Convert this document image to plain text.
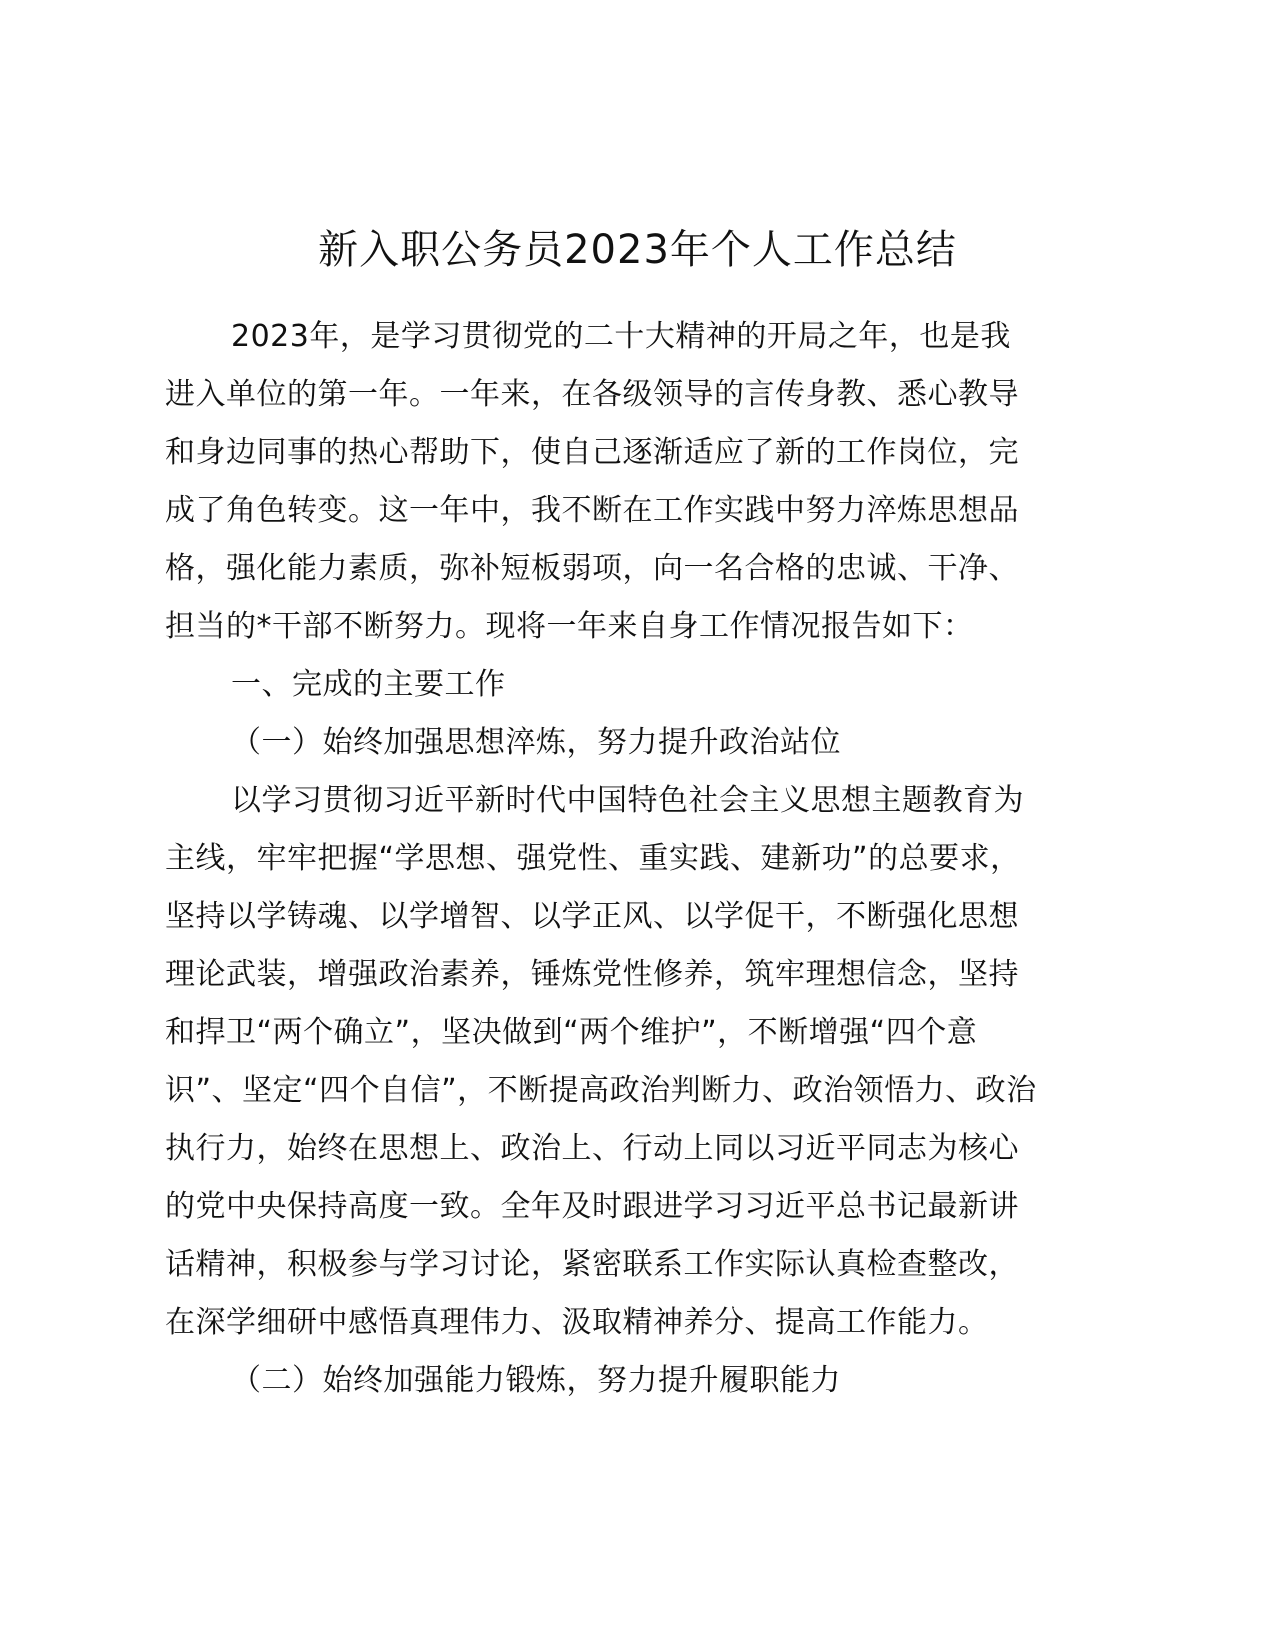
新入职公务员2023年个人工作总结
2023年，是学习贯彻党的二十大精神的开局之年，也是我
进入单位的第一年。一年来，在各级领导的言传身教、悉心教导
和身边同事的热心帮助下，使自己逐渐适应了新的工作岗位，完
成了角色转变。这一年中，我不断在工作实践中努力淬炼思想品
格，强化能力素质，弥补短板弱项，向一名合格的忠诚、干净、
担当的*干部不断努力。现将一年来自身工作情况报告如下：
一、完成的主要工作
（一）始终加强思想淬炼，努力提升政治站位
以学习贯彻习近平新时代中国特色社会主义思想主题教育为
主线，牢牢把握“学思想、强党性、重实践、建新功”的总要求，
坚持以学铸魂、以学增智、以学正风、以学促干，不断强化思想
理论武装，增强政治素养，锤炼党性修养，筑牢理想信念，坚持
和捍卫“两个确立”，坚决做到“两个维护”，不断增强“四个意
识”、坚定“四个自信”，不断提高政治判断力、政治领悟力、政治
执行力，始终在思想上、政治上、行动上同以习近平同志为核心
的党中央保持高度一致。全年及时跟进学习习近平总书记最新讲
话精神，积极参与学习讨论，紧密联系工作实际认真检查整改，
在深学细研中感悟真理伟力、汲取精神养分、提高工作能力。
（二）始终加强能力锻炼，努力提升履职能力
